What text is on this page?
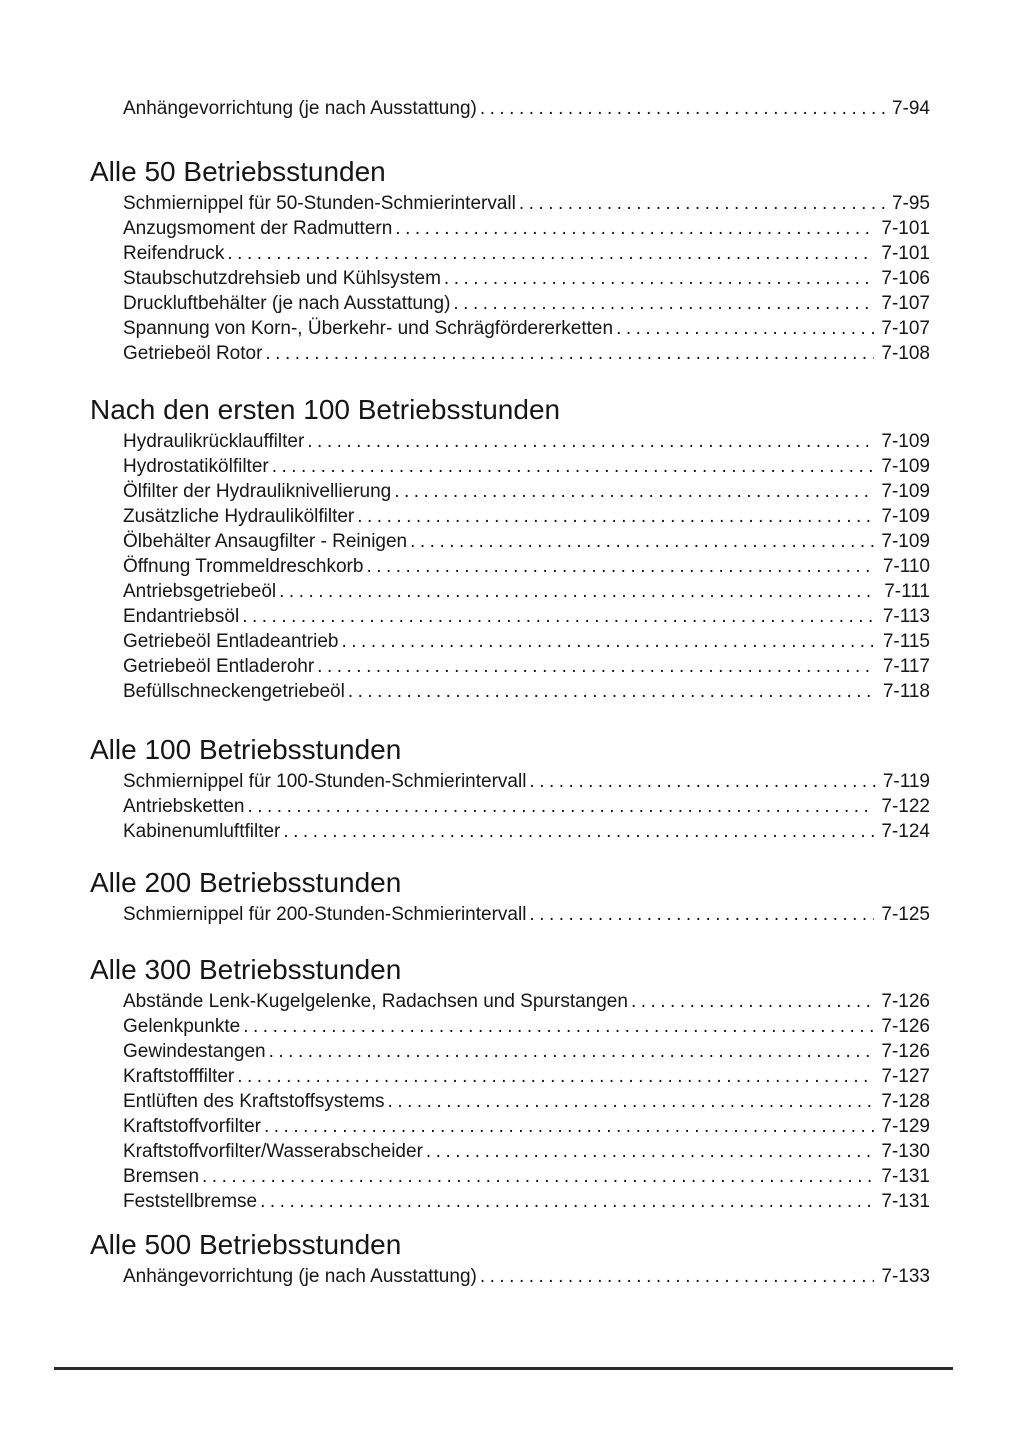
Anhängevorrichtung (je nach Ausstattung) .....	7-94
Alle 50 Betriebsstunden
Schmiernippel für 50-Stunden-Schmierintervall .....	7-95
Anzugsmoment der Radmuttern .....	7-101
Reifendruck .....	7-101
Staubschutzdrehsieb und Kühlsystem .....	7-106
Druckluftbehälter (je nach Ausstattung) .....	7-107
Spannung von Korn-, Überkehr- und Schrägfördererketten .....	7-107
Getriebeöl Rotor .....	7-108
Nach den ersten 100 Betriebsstunden
Hydraulikrücklauffilter .....	7-109
Hydrostatikölfilter .....	7-109
Ölfilter der Hydrauliknivellierung .....	7-109
Zusätzliche Hydraulikölfilter .....	7-109
Ölbehälter Ansaugfilter - Reinigen .....	7-109
Öffnung Trommeldreschkorb .....	7-110
Antriebsgetriebeöl .....	7-111
Endantriebsöl .....	7-113
Getriebeöl Entladeantrieb .....	7-115
Getriebeöl Entladerohr .....	7-117
Befüllschneckengetriebeöl .....	7-118
Alle 100 Betriebsstunden
Schmiernippel für 100-Stunden-Schmierintervall .....	7-119
Antriebsketten .....	7-122
Kabinenumluftfilter .....	7-124
Alle 200 Betriebsstunden
Schmiernippel für 200-Stunden-Schmierintervall .....	7-125
Alle 300 Betriebsstunden
Abstände Lenk-Kugelgelenke, Radachsen und Spurstangen .....	7-126
Gelenkpunkte .....	7-126
Gewindestangen .....	7-126
Kraftstofffilter .....	7-127
Entlüften des Kraftstoffsystems .....	7-128
Kraftstoffvorfilter .....	7-129
Kraftstoffvorfilter/Wasserabscheider .....	7-130
Bremsen .....	7-131
Feststellbremse .....	7-131
Alle 500 Betriebsstunden
Anhängevorrichtung (je nach Ausstattung) .....	7-133
